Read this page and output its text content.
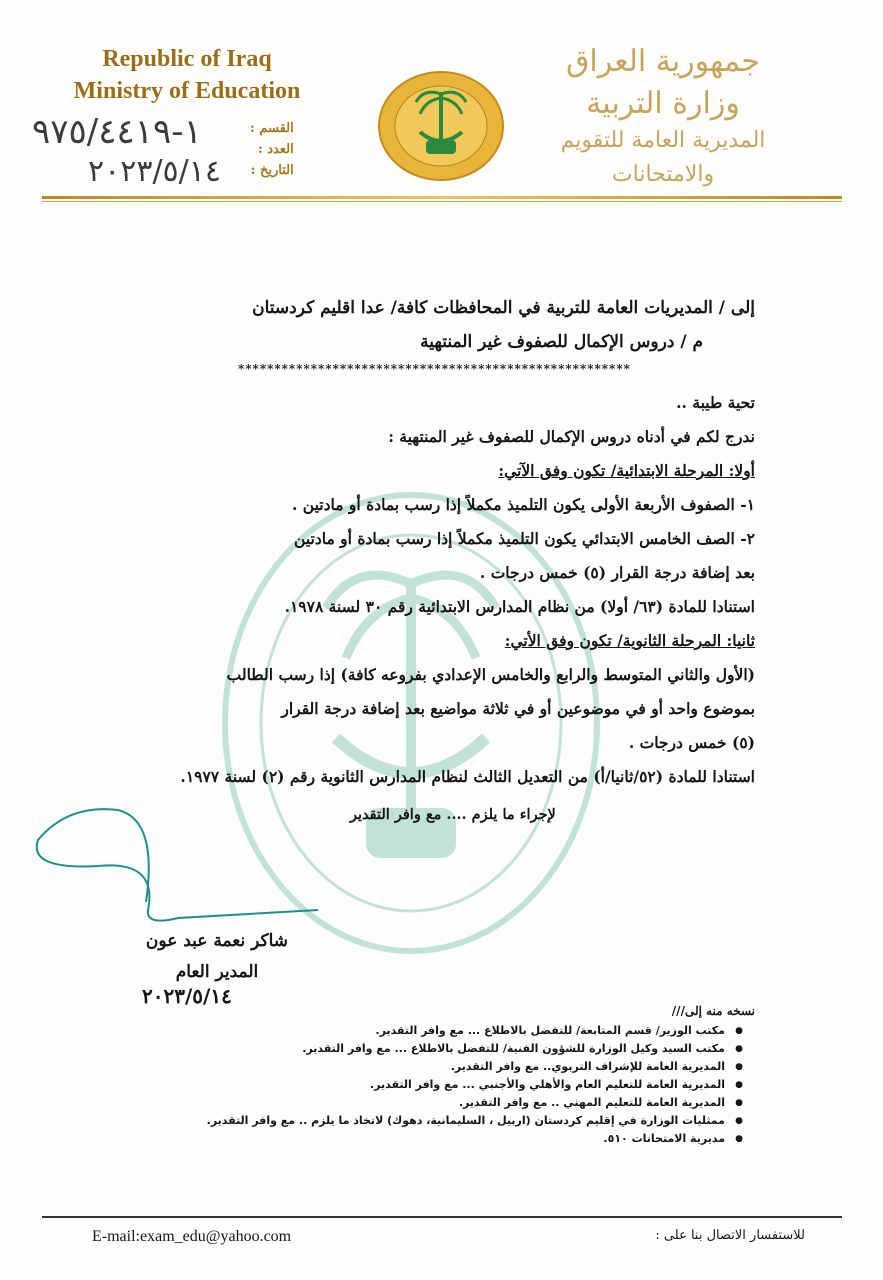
Republic of Iraq
Ministry of Education
جمهورية العراق
وزارة التربية
المديرية العامة للتقويم والامتحانات
القسم :
العدد :
التاريخ :
١-٩٧٥/٤٤١٩
٢٠٢٣/٥/١٤
إلى / المديريات العامة للتربية في المحافظات كافة/ عدا اقليم كردستان
م / دروس الإكمال للصفوف غير المنتهية
******************************************************

تحية طيبة ..

ندرج لكم في أدناه دروس الإكمال للصفوف غير المنتهية :

أولا: المرحلة الابتدائية/ تكون وفق الآتي:

١- الصفوف الأربعة الأولى يكون التلميذ مكملاً إذا رسب بمادة أو مادتين .

٢- الصف الخامس الابتدائي يكون التلميذ مكملاً إذا رسب بمادة أو مادتين

بعد إضافة درجة القرار (٥) خمس درجات .

استنادا للمادة (٦٣/ أولا) من نظام المدارس الابتدائية رقم ٣٠ لسنة ١٩٧٨.

ثانيا: المرحلة الثانوية/ تكون وفق الأتي:

(الأول والثاني المتوسط والرابع والخامس الإعدادي بفروعه كافة) إذا رسب الطالب

بموضوع واحد أو في موضوعين أو في ثلاثة مواضيع بعد إضافة درجة القرار

(٥) خمس درجات .

استنادا للمادة (٥٢/ثانيا/أ) من التعديل الثالث لنظام المدارس الثانوية رقم (٢) لسنة ١٩٧٧.

لإجراء ما يلزم .... مع وافر التقدير
شاكر نعمة عبد عون
المدير العام
٢٠٢٣/٥/١٤
نسخه منه إلى///
● مكتب الوزير/ قسم المتابعة/ للتفضل بالاطلاع ... مع وافر التقدير.
● مكتب السيد وكيل الوزارة للشؤون الفنية/ للتفضل بالاطلاع ... مع وافر التقدير.
● المديرية العامة للإشراف التربوي.. مع وافر التقدير.
● المديرية العامة للتعليم العام والأهلي والأجنبي ... مع وافر التقدير.
● المديرية العامة للتعليم المهني .. مع وافر التقدير.
● ممثليات الوزارة في إقليم كردستان (اربيل ، السليمانية، دهوك) لاتخاذ ما يلزم .. مع وافر التقدير.
● مديرية الامتحانات ٥١٠.
E-mail:exam_edu@yahoo.com	للاستفسار الاتصال بنا على :
